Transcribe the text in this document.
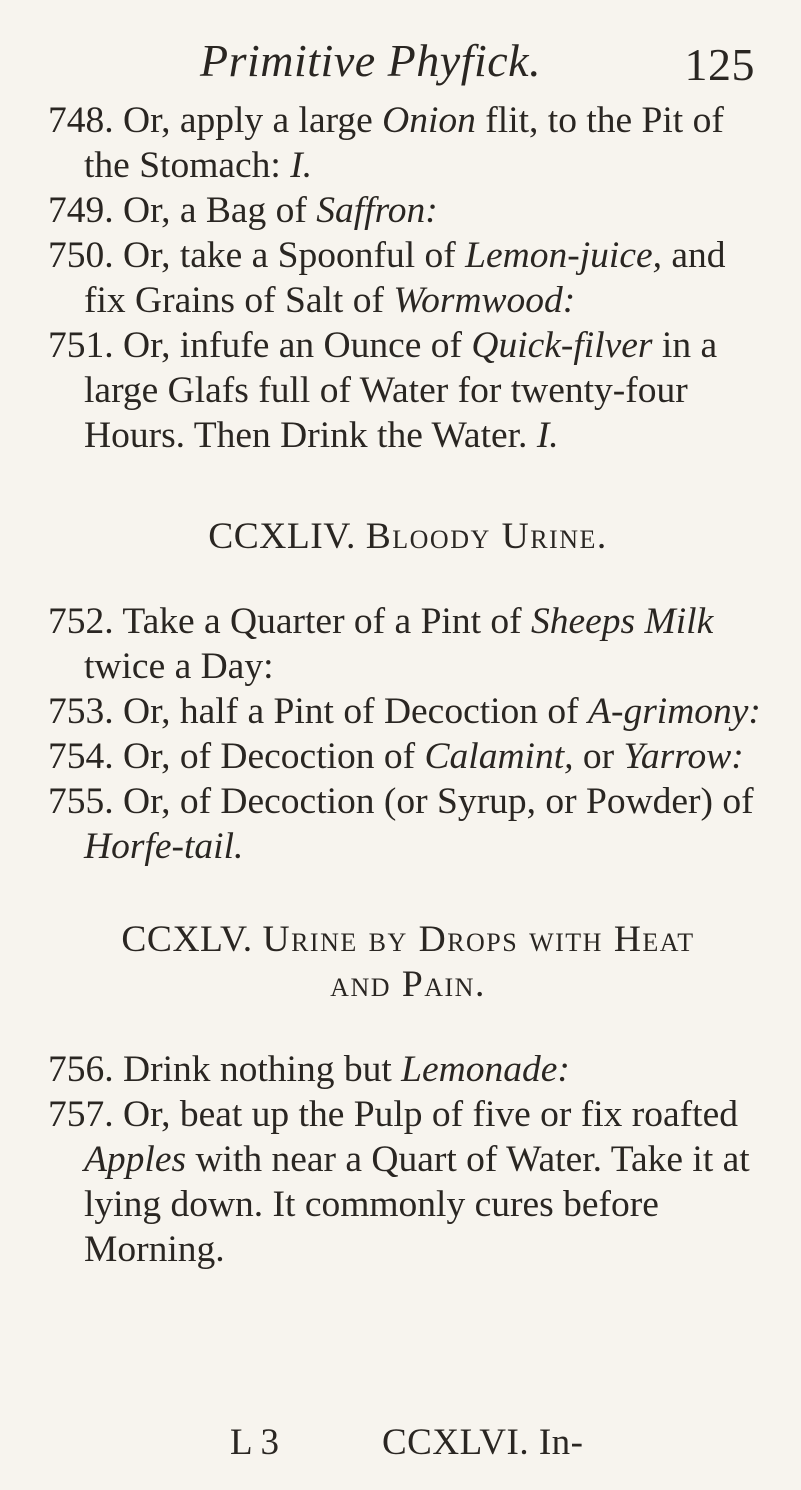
Primitive Phyfick.	125

748. Or, apply a large Onion flit, to the Pit of the Stomach: I.

749. Or, a Bag of Saffron:

750. Or, take a Spoonful of Lemon-juice, and fix Grains of Salt of Wormwood:

751. Or, infufe an Ounce of Quick-filver in a large Glafs full of Water for twenty-four Hours. Then Drink the Water. I.

CCXLIV. Bloody Urine.

752. Take a Quarter of a Pint of Sheeps Milk twice a Day:

753. Or, half a Pint of Decoction of A-grimony:

754. Or, of Decoction of Calamint, or Yarrow:

755. Or, of Decoction (or Syrup, or Powder) of Horfe-tail.

CCXLV. Urine by Drops with Heat and Pain.

756. Drink nothing but Lemonade:

757. Or, beat up the Pulp of five or fix roafted Apples with near a Quart of Water. Take it at lying down. It commonly cures before Morning.

L 3	CCXLVI. In-
